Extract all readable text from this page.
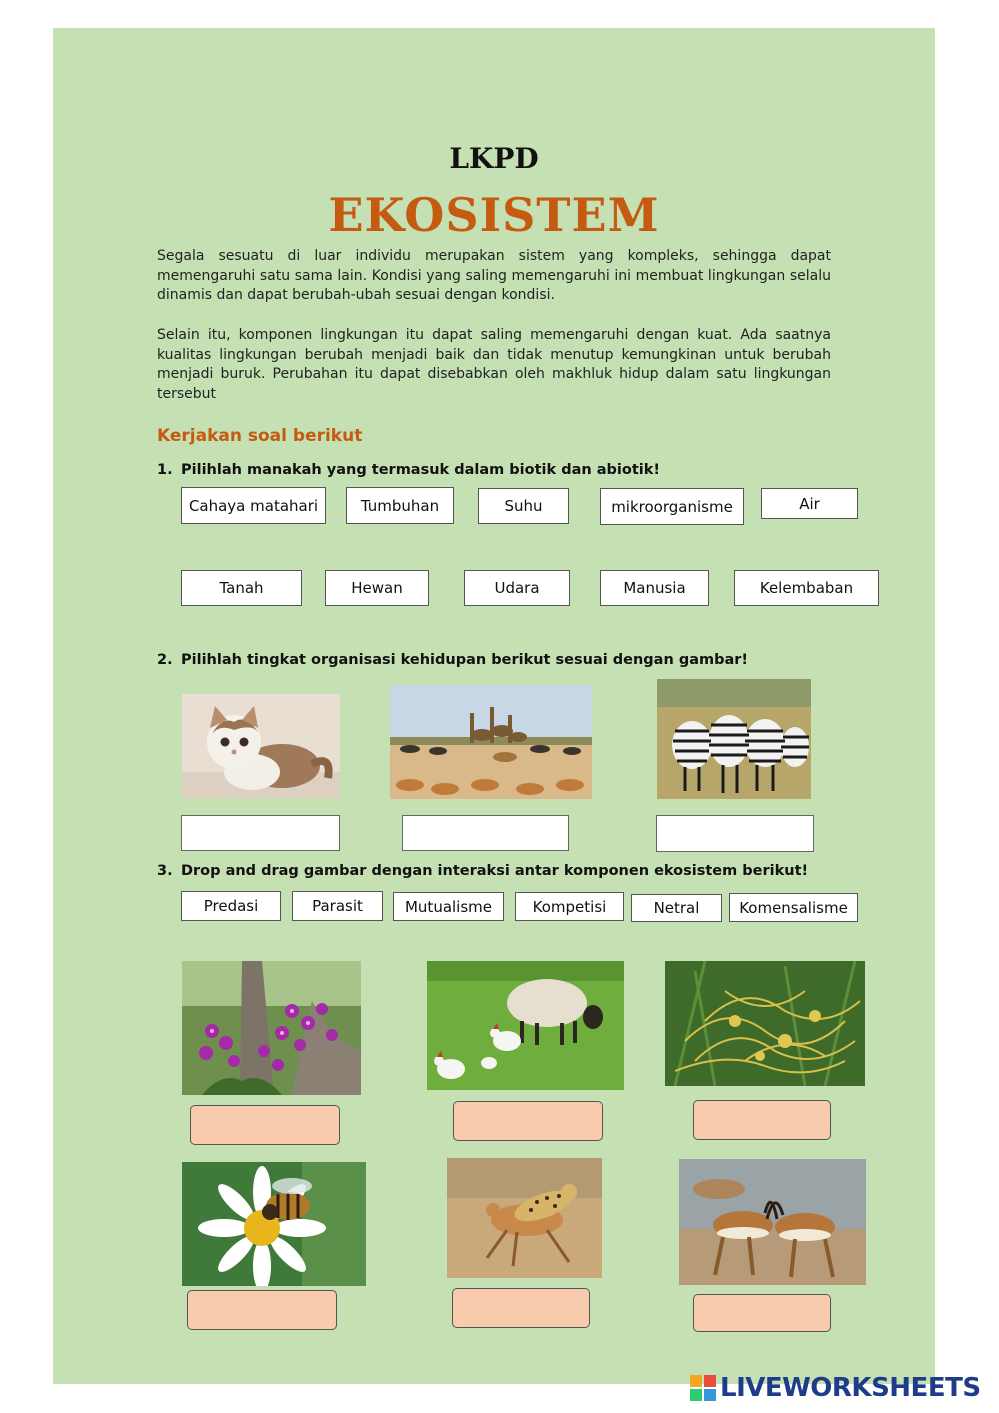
LKPD
EKOSISTEM

Segala sesuatu di luar individu merupakan sistem yang kompleks, sehingga dapat memengaruhi satu sama lain. Kondisi yang saling memengaruhi ini membuat lingkungan selalu dinamis dan dapat berubah-ubah sesuai dengan kondisi.

Selain itu, komponen lingkungan itu dapat saling memengaruhi dengan kuat. Ada saatnya kualitas lingkungan berubah menjadi baik dan tidak menutup kemungkinan untuk berubah menjadi buruk. Perubahan itu dapat disebabkan oleh makhluk hidup dalam satu lingkungan tersebut

Kerjakan soal berikut
1. Pilihlah manakah yang termasuk dalam biotik dan abiotik!
Cahaya matahari	Tumbuhan	Suhu	mikroorganisme	Air
Tanah	Hewan	Udara	Manusia	Kelembaban
2. Pilihlah tingkat organisasi kehidupan berikut sesuai dengan gambar!
3. Drop and drag gambar dengan interaksi antar komponen ekosistem berikut!
Predasi	Parasit	Mutualisme	Kompetisi	Netral	Komensalisme
LIVEWORKSHEETS
